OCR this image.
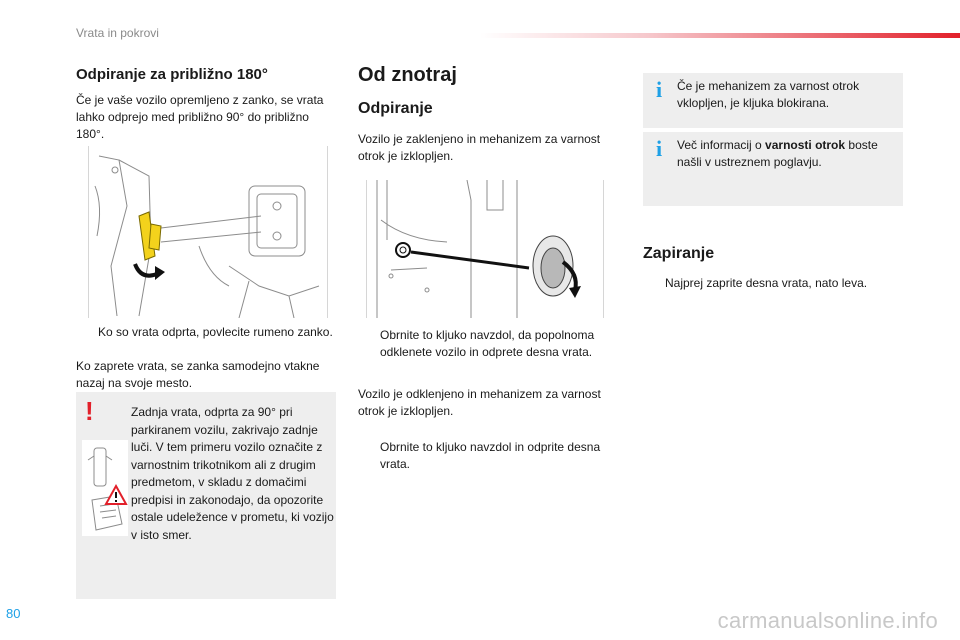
Vrata in pokrovi
Odpiranje za približno 180°

Če je vaše vozilo opremljeno z zanko, se vrata lahko odprejo med približno 90° do približno 180°.

Ko so vrata odprta, povlecite rumeno zanko.

Ko zaprete vrata, se zanka samodejno vtakne nazaj na svoje mesto.

!	Zadnja vrata, odprta za 90° pri parkiranem vozilu, zakrivajo zadnje luči. V tem primeru vozilo označite z varnostnim trikotnikom ali z drugim predmetom, v skladu z domačimi predpisi in zakonodajo, da opozorite ostale udeležence v prometu, ki vozijo v isto smer.

Od znotraj
Odpiranje

Vozilo je zaklenjeno in mehanizem za varnost otrok je izklopljen.

Obrnite to kljuko navzdol, da popolnoma odklenete vozilo in odprete desna vrata.

Vozilo je odklenjeno in mehanizem za varnost otrok je izklopljen.

Obrnite to kljuko navzdol in odprite desna vrata.
i Če je mehanizem za varnost otrok vklopljen, je kljuka blokirana.

i Več informacij o varnosti otrok boste našli v ustreznem poglavju.

Zapiranje
Najprej zaprite desna vrata, nato leva.
80	carmanualsonline.info
